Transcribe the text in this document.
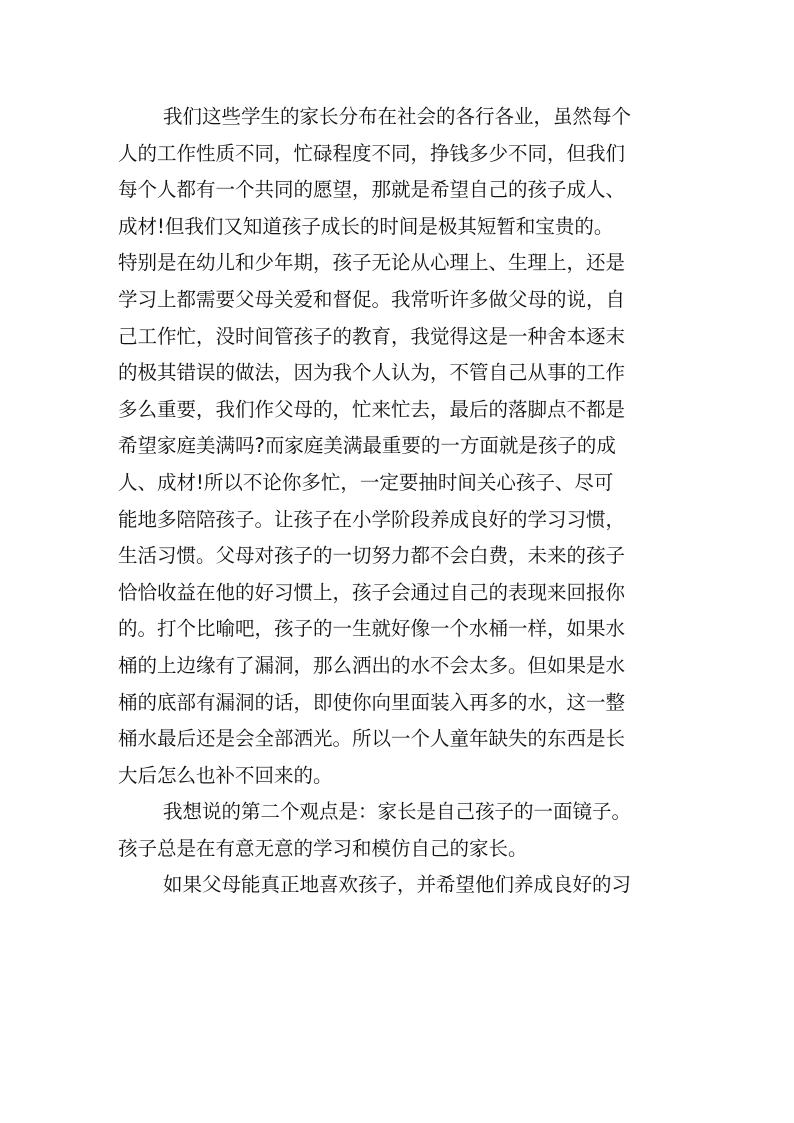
我们这些学生的家长分布在社会的各行各业，虽然每个
人的工作性质不同，忙碌程度不同，挣钱多少不同，但我们
每个人都有一个共同的愿望，那就是希望自己的孩子成人、
成材!但我们又知道孩子成长的时间是极其短暂和宝贵的。
特别是在幼儿和少年期，孩子无论从心理上、生理上，还是
学习上都需要父母关爱和督促。我常听许多做父母的说，自
己工作忙，没时间管孩子的教育，我觉得这是一种舍本逐末
的极其错误的做法，因为我个人认为，不管自己从事的工作
多么重要，我们作父母的，忙来忙去，最后的落脚点不都是
希望家庭美满吗?而家庭美满最重要的一方面就是孩子的成
人、成材!所以不论你多忙，一定要抽时间关心孩子、尽可
能地多陪陪孩子。让孩子在小学阶段养成良好的学习习惯，
生活习惯。父母对孩子的一切努力都不会白费，未来的孩子
恰恰收益在他的好习惯上，孩子会通过自己的表现来回报你
的。打个比喻吧，孩子的一生就好像一个水桶一样，如果水
桶的上边缘有了漏洞，那么洒出的水不会太多。但如果是水
桶的底部有漏洞的话，即使你向里面装入再多的水，这一整
桶水最后还是会全部洒光。所以一个人童年缺失的东西是长
大后怎么也补不回来的。
我想说的第二个观点是：家长是自己孩子的一面镜子。
孩子总是在有意无意的学习和模仿自己的家长。
如果父母能真正地喜欢孩子，并希望他们养成良好的习
